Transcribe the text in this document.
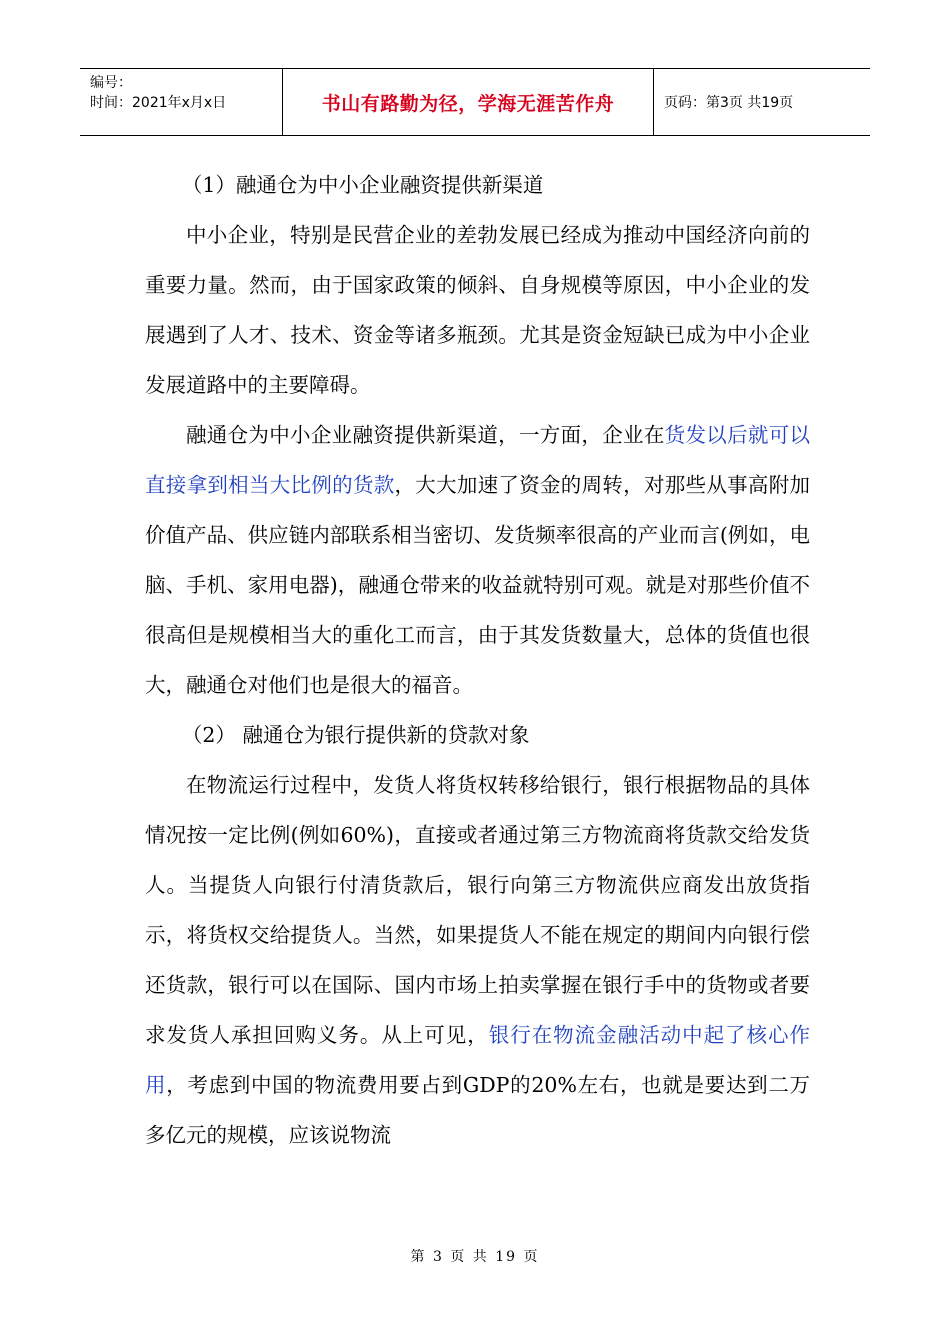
编号：
时间：2021年x月x日	书山有路勤为径，学海无涯苦作舟	页码：第3页 共19页

（1）融通仓为中小企业融资提供新渠道

中小企业，特别是民营企业的差勃发展已经成为推动中国经济向前的重要力量。然而，由于国家政策的倾斜、自身规模等原因，中小企业的发展遇到了人才、技术、资金等诸多瓶颈。尤其是资金短缺已成为中小企业发展道路中的主要障碍。

融通仓为中小企业融资提供新渠道，一方面，企业在货发以后就可以直接拿到相当大比例的货款，大大加速了资金的周转，对那些从事高附加价值产品、供应链内部联系相当密切、发货频率很高的产业而言(例如，电脑、手机、家用电器)，融通仓带来的收益就特别可观。就是对那些价值不很高但是规模相当大的重化工而言，由于其发货数量大，总体的货值也很大，融通仓对他们也是很大的福音。

（2） 融通仓为银行提供新的贷款对象

在物流运行过程中，发货人将货权转移给银行，银行根据物品的具体情况按一定比例(例如60%)，直接或者通过第三方物流商将货款交给发货人。当提货人向银行付清货款后，银行向第三方物流供应商发出放货指示，将货权交给提货人。当然，如果提货人不能在规定的期间内向银行偿还货款，银行可以在国际、国内市场上拍卖掌握在银行手中的货物或者要求发货人承担回购义务。从上可见，银行在物流金融活动中起了核心作用，考虑到中国的物流费用要占到GDP的20%左右，也就是要达到二万多亿元的规模，应该说物流

第 3 页 共 19 页
